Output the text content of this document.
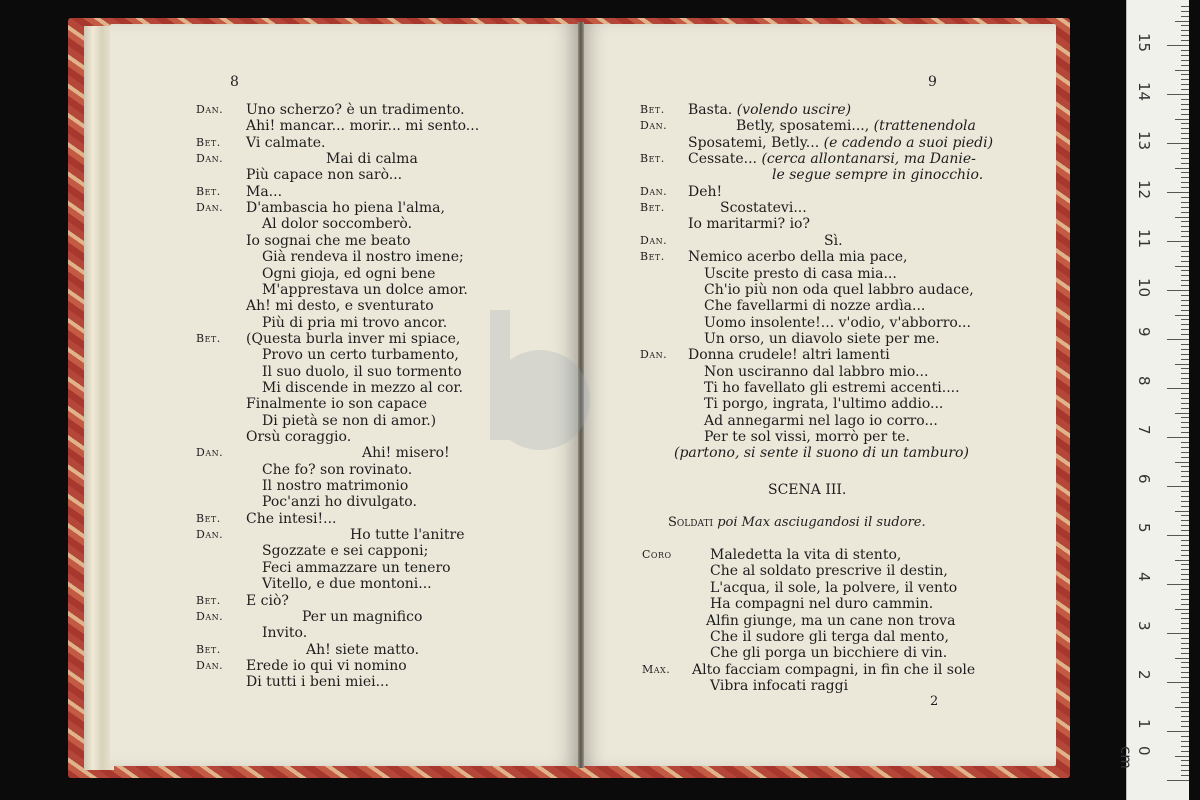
8	9
Dan. Uno scherzo? è un tradimento.
Ahi! mancar... morir... mi sento...
Bet. Vi calmate.
Dan.	Mai di calma
Più capace non sarò...
Bet. Ma...
Dan. D'ambascia ho piena l'alma,
Al dolor soccomberò.
Io sognai che me beato
Già rendeva il nostro imene;
Ogni gioja, ed ogni bene
M'apprestava un dolce amor.
Ah! mi desto, e sventurato
Più di pria mi trovo ancor.
Bet. (Questa burla inver mi spiace,
Provo un certo turbamento,
Il suo duolo, il suo tormento
Mi discende in mezzo al cor.
Finalmente io son capace
Di pietà se non di amor.)
Orsù coraggio.
Dan.	Ahi! misero!
Che fo? son rovinato.
Il nostro matrimonio
Poc'anzi ho divulgato.
Bet. Che intesi!...
Dan.	Ho tutte l'anitre
Sgozzate e sei capponi;
Feci ammazzare un tenero
Vitello, e due montoni...
Bet. E ciò?
Dan.	Per un magnifico
Invito.
Bet.	Ah! siete matto.
Dan. Erede io qui vi nomino
Di tutti i beni miei...
Bet. Basta. (volendo uscire)
Dan.	Betly, sposatemi..., (trattenendola
Sposatemi, Betly... (e cadendo a suoi piedi)
Bet. Cessate... (cerca allontanarsi, ma Danie-
le segue sempre in ginocchio.
Dan. Deh!
Bet.	Scostatevi...
Io maritarmi? io?
Dan.	Sì.
Bet. Nemico acerbo della mia pace,
Uscite presto di casa mia...
Ch'io più non oda quel labbro audace,
Che favellarmi di nozze ardìa...
Uomo insolente!... v'odio, v'abborro...
Un orso, un diavolo siete per me.
Dan. Donna crudele! altri lamenti
Non usciranno dal labbro mio...
Ti ho favellato gli estremi accenti....
Ti porgo, ingrata, l'ultimo addio...
Ad annegarmi nel lago io corro...
Per te sol vissi, morrò per te.
(partono, si sente il suono di un tamburo)
SCENA III.
Soldati poi Max asciugandosi il sudore.
Coro	Maledetta la vita di stento,
Che al soldato prescrive il destin,
L'acqua, il sole, la polvere, il vento
Ha compagni nel duro cammin.
Alfin giunge, ma un cane non trova
Che il sudore gli terga dal mento,
Che gli porga un bicchiere di vin.
Max. Alto facciam compagni, in fin che il sole
Vibra infocati raggi
2
0 cm
1
2
3
4
5
6
7
8
9
10
11
12
13
14
15
